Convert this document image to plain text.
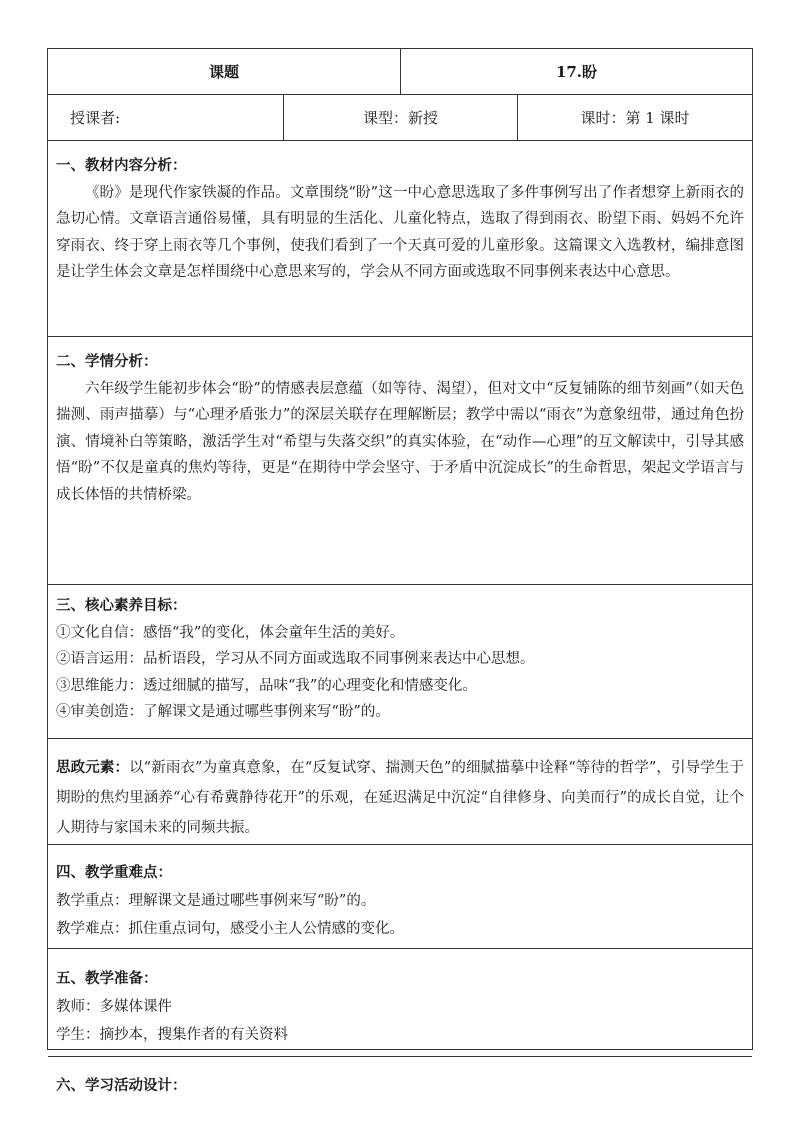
课题	17.盼
授课者:	课型：新授	课时：第 1 课时

一、教材内容分析：

《盼》是现代作家铁凝的作品。文章围绕“盼”这一中心意思选取了多件事例写出了作者想穿上新雨衣的急切心情。文章语言通俗易懂，具有明显的生活化、儿童化特点，选取了得到雨衣、盼望下雨、妈妈不允许穿雨衣、终于穿上雨衣等几个事例，使我们看到了一个天真可爱的儿童形象。这篇课文入选教材，编排意图是让学生体会文章是怎样围绕中心意思来写的，学会从不同方面或选取不同事例来表达中心意思。

二、学情分析：

六年级学生能初步体会“盼”的情感表层意蕴（如等待、渴望），但对文中“反复铺陈的细节刻画”（如天色揣测、雨声描摹）与“心理矛盾张力”的深层关联存在理解断层；教学中需以“雨衣”为意象纽带，通过角色扮演、情境补白等策略，激活学生对“希望与失落交织”的真实体验，在“动作—心理”的互文解读中，引导其感悟“盼”不仅是童真的焦灼等待，更是“在期待中学会坚守、于矛盾中沉淀成长”的生命哲思，架起文学语言与成长体悟的共情桥梁。

三、核心素养目标：

①文化自信：感悟“我”的变化，体会童年生活的美好。

②语言运用：品析语段，学习从不同方面或选取不同事例来表达中心思想。

③思维能力：透过细腻的描写，品味“我”的心理变化和情感变化。

④审美创造：了解课文是通过哪些事例来写“盼”的。

思政元素：以“新雨衣”为童真意象，在“反复试穿、揣测天色”的细腻描摹中诠释“等待的哲学”，引导学生于期盼的焦灼里涵养“心有希冀静待花开”的乐观，在延迟满足中沉淀“自律修身、向美而行”的成长自觉，让个人期待与家国未来的同频共振。

四、教学重难点：

教学重点：理解课文是通过哪些事例来写“盼”的。

教学难点：抓住重点词句，感受小主人公情感的变化。

五、教学准备：

教师：多媒体课件

学生：摘抄本，搜集作者的有关资料

六、学习活动设计：
